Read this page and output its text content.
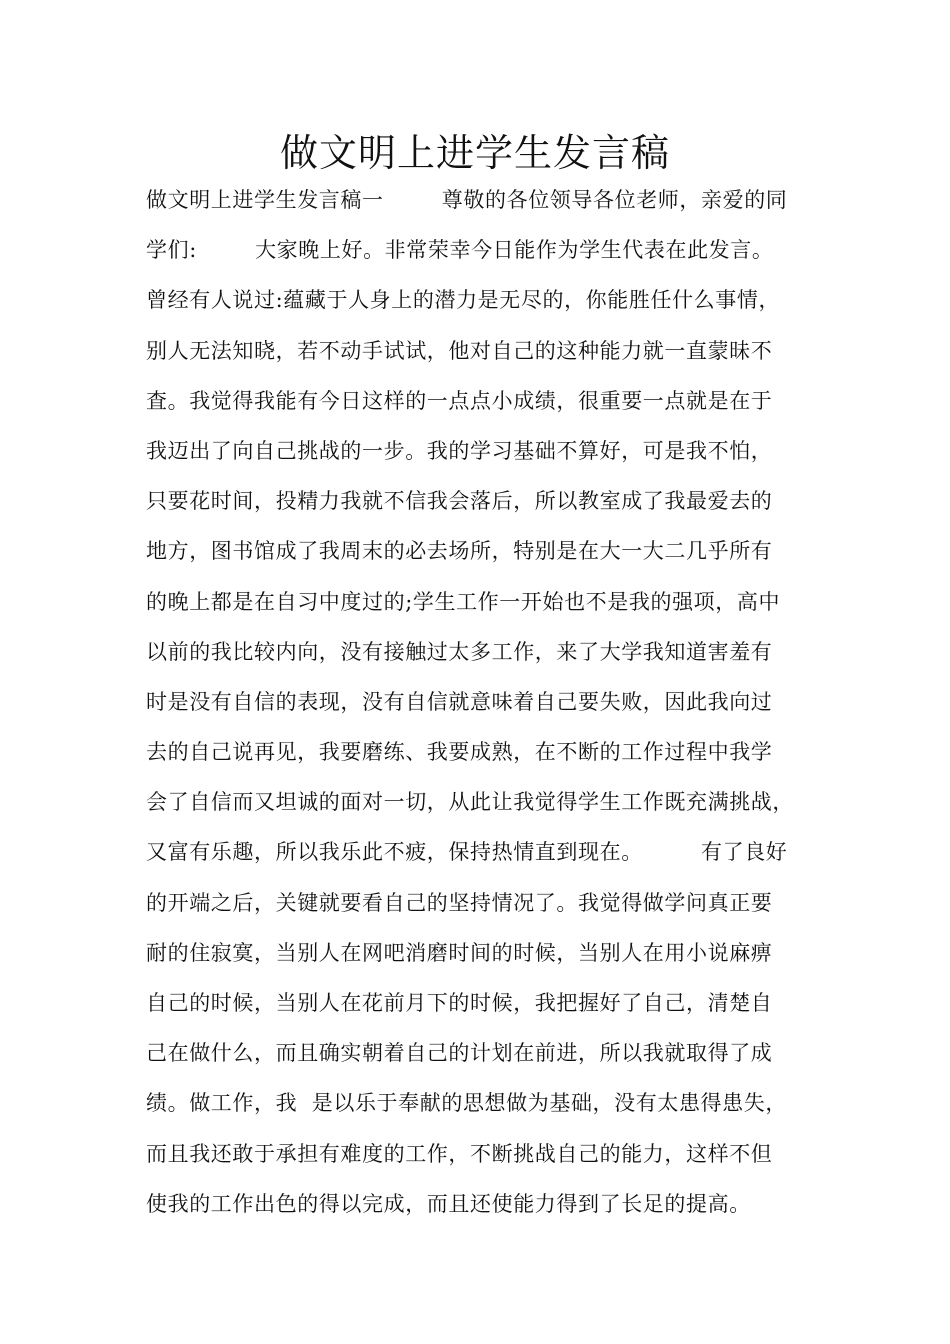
做文明上进学生发言稿

做文明上进学生发言稿一        尊敬的各位领导各位老师，亲爱的同

学们:        大家晚上好。非常荣幸今日能作为学生代表在此发言。

曾经有人说过:蕴藏于人身上的潜力是无尽的，你能胜任什么事情，

别人无法知晓，若不动手试试，他对自己的这种能力就一直蒙昧不

査。我觉得我能有今日这样的一点点小成绩，很重要一点就是在于

我迈出了向自己挑战的一步。我的学习基础不算好，可是我不怕，

只要花时间，投精力我就不信我会落后，所以教室成了我最爱去的

地方，图书馆成了我周末的必去场所，特别是在大一大二几乎所有

的晚上都是在自习中度过的;学生工作一开始也不是我的强项，高中

以前的我比较内向，没有接触过太多工作，来了大学我知道害羞有

时是没有自信的表现，没有自信就意味着自己要失败，因此我向过

去的自己说再见，我要磨练、我要成熟，在不断的工作过程中我学

会了自信而又坦诚的面对一切，从此让我觉得学生工作既充满挑战，

又富有乐趣，所以我乐此不疲，保持热情直到现在。        有了良好

的开端之后，关键就要看自己的坚持情况了。我觉得做学问真正要

耐的住寂寞，当别人在网吧消磨时间的时候，当别人在用小说麻痹

自己的时候，当别人在花前月下的时候，我把握好了自己，清楚自

己在做什么，而且确实朝着自己的计划在前进，所以我就取得了成

绩。做工作，我  是以乐于奉献的思想做为基础，没有太患得患失，

而且我还敢于承担有难度的工作，不断挑战自己的能力，这样不但

使我的工作出色的得以完成，而且还使能力得到了长足的提高。
